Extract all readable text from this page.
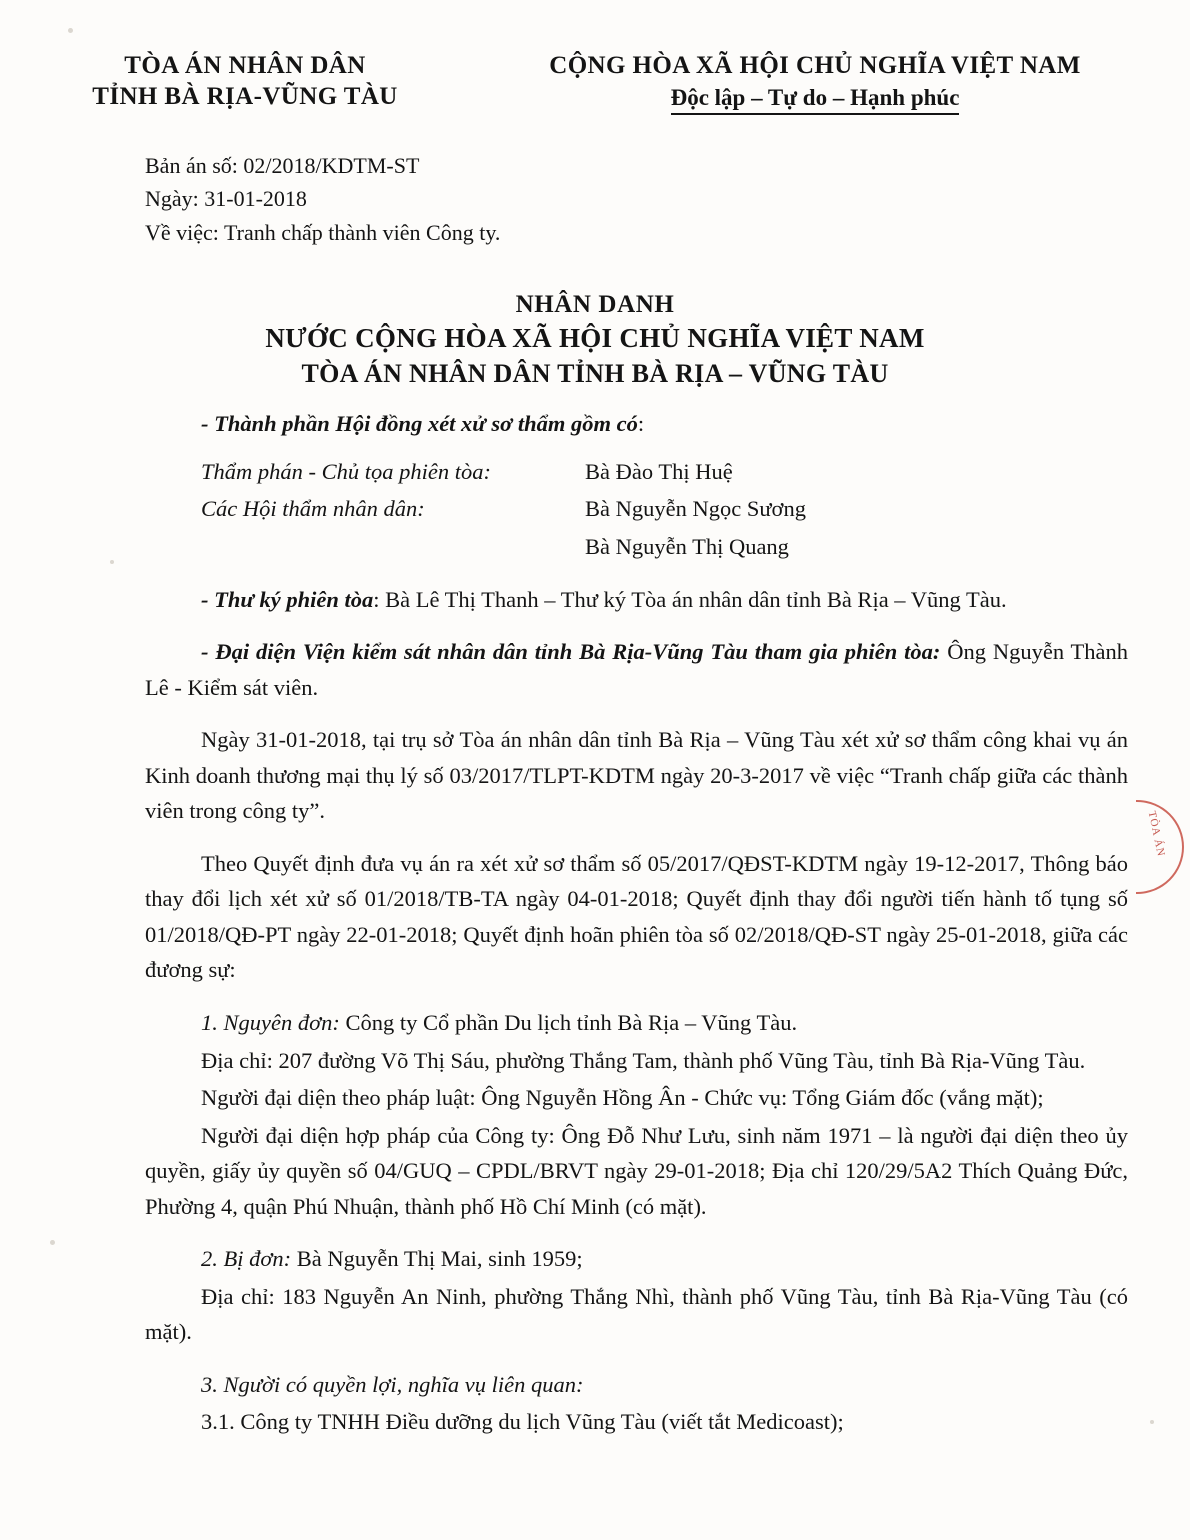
TÒA ÁN NHÂN DÂN
TỈNH BÀ RỊA-VŨNG TÀU
CỘNG HÒA XÃ HỘI CHỦ NGHĨA VIỆT NAM
Độc lập – Tự do – Hạnh phúc
Bản án số: 02/2018/KDTM-ST
Ngày: 31-01-2018
Về việc: Tranh chấp thành viên Công ty.
NHÂN DANH
NƯỚC CỘNG HÒA XÃ HỘI CHỦ NGHĨA VIỆT NAM
TÒA ÁN NHÂN DÂN TỈNH BÀ RỊA – VŨNG TÀU
- Thành phần Hội đồng xét xử sơ thẩm gồm có:
Thẩm phán - Chủ tọa phiên tòa:	Bà Đào Thị Huệ
Các Hội thẩm nhân dân:	Bà Nguyễn Ngọc Sương
Bà Nguyễn Thị Quang
- Thư ký phiên tòa: Bà Lê Thị Thanh – Thư ký Tòa án nhân dân tỉnh Bà Rịa – Vũng Tàu.
- Đại diện Viện kiểm sát nhân dân tỉnh Bà Rịa-Vũng Tàu tham gia phiên tòa: Ông Nguyễn Thành Lê - Kiểm sát viên.
Ngày 31-01-2018, tại trụ sở Tòa án nhân dân tỉnh Bà Rịa – Vũng Tàu xét xử sơ thẩm công khai vụ án Kinh doanh thương mại thụ lý số 03/2017/TLPT-KDTM ngày 20-3-2017 về việc “Tranh chấp giữa các thành viên trong công ty”.
Theo Quyết định đưa vụ án ra xét xử sơ thẩm số 05/2017/QĐST-KDTM ngày 19-12-2017, Thông báo thay đổi lịch xét xử số 01/2018/TB-TA ngày 04-01-2018; Quyết định thay đổi người tiến hành tố tụng số 01/2018/QĐ-PT ngày 22-01-2018; Quyết định hoãn phiên tòa số 02/2018/QĐ-ST ngày 25-01-2018, giữa các đương sự:
1. Nguyên đơn: Công ty Cổ phần Du lịch tỉnh Bà Rịa – Vũng Tàu.
Địa chỉ: 207 đường Võ Thị Sáu, phường Thắng Tam, thành phố Vũng Tàu, tỉnh Bà Rịa-Vũng Tàu.
Người đại diện theo pháp luật: Ông Nguyễn Hồng Ân - Chức vụ: Tổng Giám đốc (vắng mặt);
Người đại diện hợp pháp của Công ty: Ông Đỗ Như Lưu, sinh năm 1971 – là người đại diện theo ủy quyền, giấy ủy quyền số 04/GUQ – CPDL/BRVT ngày 29-01-2018; Địa chỉ 120/29/5A2 Thích Quảng Đức, Phường 4, quận Phú Nhuận, thành phố Hồ Chí Minh (có mặt).
2. Bị đơn: Bà Nguyễn Thị Mai, sinh 1959;
Địa chỉ: 183 Nguyễn An Ninh, phường Thắng Nhì, thành phố Vũng Tàu, tỉnh Bà Rịa-Vũng Tàu (có mặt).
3. Người có quyền lợi, nghĩa vụ liên quan:
3.1. Công ty TNHH Điều dưỡng du lịch Vũng Tàu (viết tắt Medicoast);
TÒA ÁN
